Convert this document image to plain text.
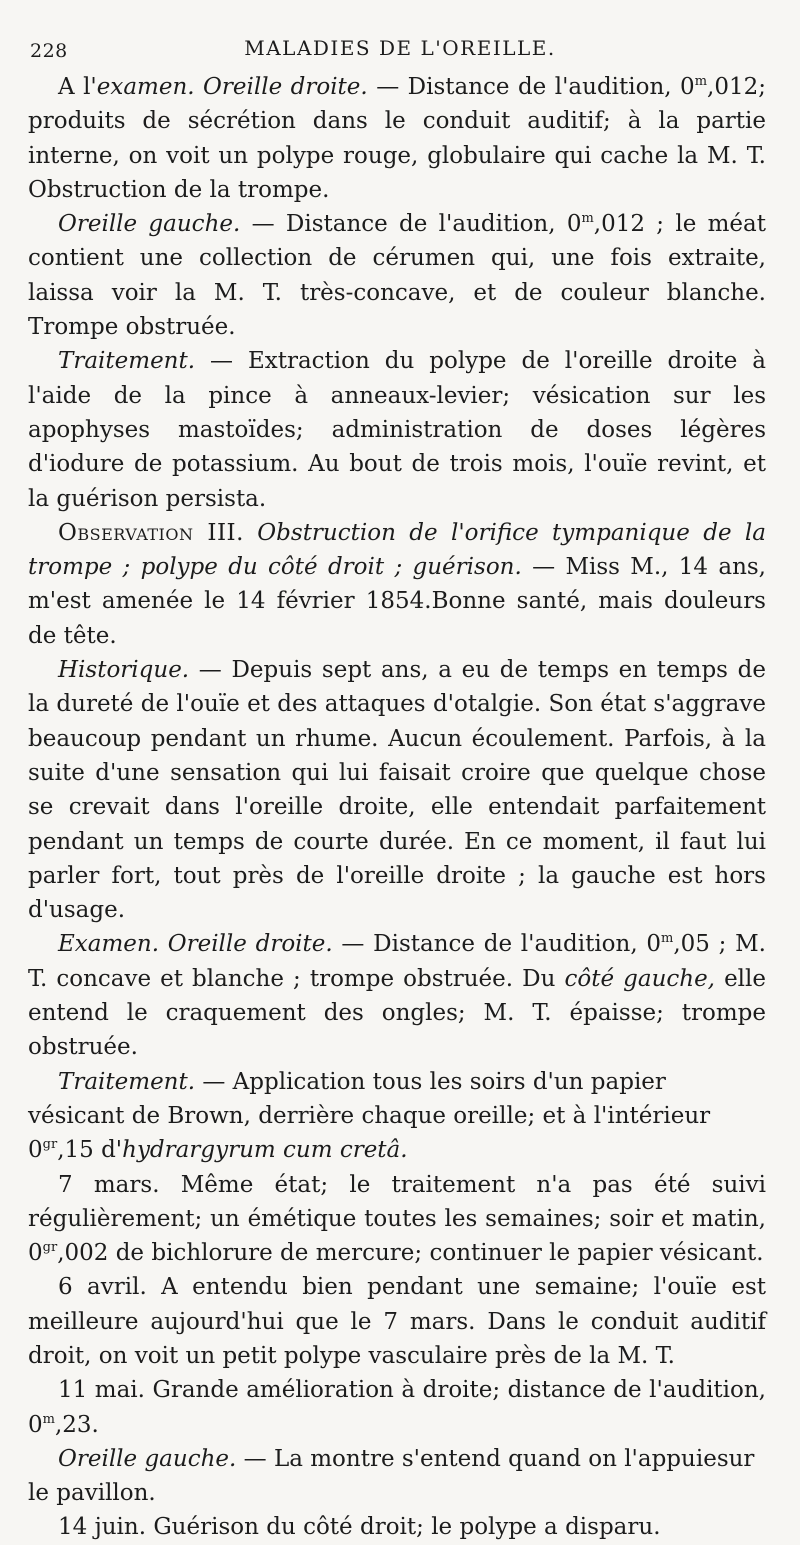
228	MALADIES DE L'OREILLE.

A l'examen. Oreille droite. — Distance de l'audition, 0$^m$,012; produits de sécrétion dans le conduit auditif; à la partie interne, on voit un polype rouge, globulaire qui cache la M. T. Obstruction de la trompe.

Oreille gauche. — Distance de l'audition, 0$^m$,012 ; le méat contient une collection de cérumen qui, une fois extraite, laissa voir la M. T. très-concave, et de couleur blanche. Trompe obstruée.

Traitement. — Extraction du polype de l'oreille droite à l'aide de la pince à anneaux-levier; vésication sur les apophyses mastoïdes; administration de doses légères d'iodure de potassium. Au bout de trois mois, l'ouïe revint, et la guérison persista.

Observation III. Obstruction de l'orifice tympanique de la trompe ; polype du côté droit ; guérison. — Miss M., 14 ans, m'est amenée le 14 février 1854.Bonne santé, mais douleurs de tête.

Historique. — Depuis sept ans, a eu de temps en temps de la dureté de l'ouïe et des attaques d'otalgie. Son état s'aggrave beaucoup pendant un rhume. Aucun écoulement. Parfois, à la suite d'une sensation qui lui faisait croire que quelque chose se crevait dans l'oreille droite, elle entendait parfaitement pendant un temps de courte durée. En ce moment, il faut lui parler fort, tout près de l'oreille droite ; la gauche est hors d'usage.

Examen. Oreille droite. — Distance de l'audition, 0$^m$,05 ; M. T. concave et blanche ; trompe obstruée. Du côté gauche, elle entend le craquement des ongles; M. T. épaisse; trompe obstruée.

Traitement. — Application tous les soirs d'un papier vésicant de Brown, derrière chaque oreille; et à l'intérieur $0^{gr},15$ d'hydrargyrum cum cretâ.

7 mars. Même état; le traitement n'a pas été suivi régulièrement; un émétique toutes les semaines; soir et matin, $0^{gr},002$ de bichlorure de mercure; continuer le papier vésicant.

6 avril. A entendu bien pendant une semaine; l'ouïe est meilleure aujourd'hui que le 7 mars. Dans le conduit auditif droit, on voit un petit polype vasculaire près de la M. T.

11 mai. Grande amélioration à droite; distance de l'audition, 0$^m$,23.

Oreille gauche. — La montre s'entend quand on l'appuiesur le pavillon.

14 juin. Guérison du côté droit; le polype a disparu.
